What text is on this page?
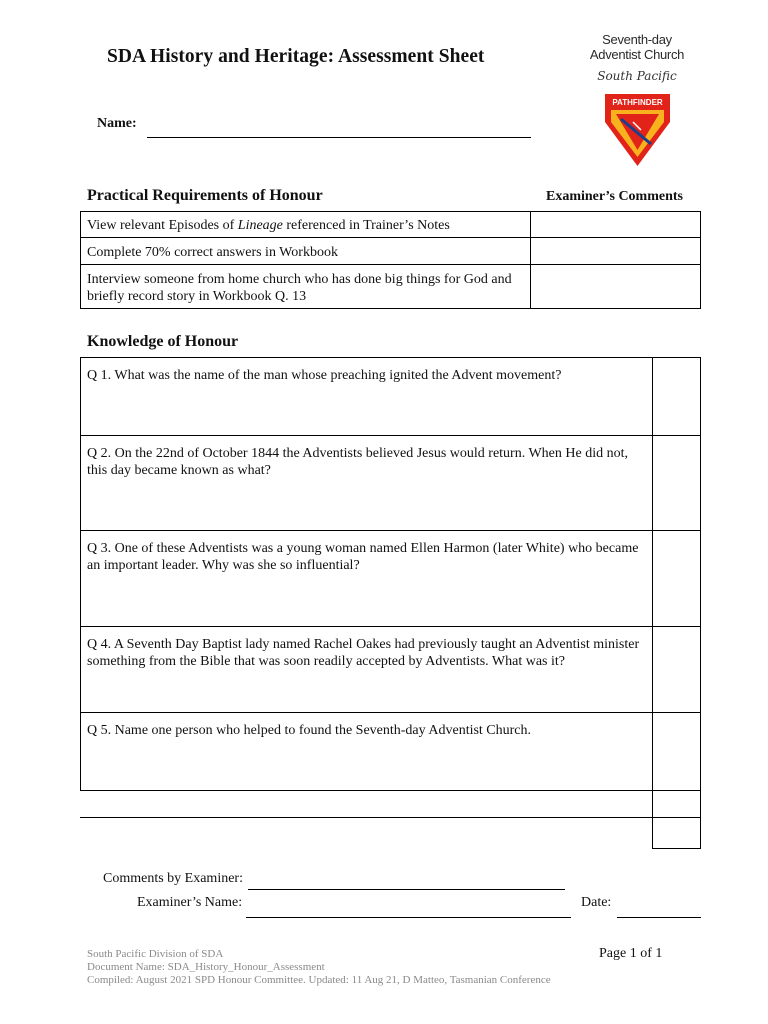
SDA History and Heritage: Assessment Sheet
Name:
Seventh-day
Adventist Church
South Pacific
PATHFINDER
Practical Requirements of Honour	Examiner’s Comments
View relevant Episodes of Lineage referenced in Trainer’s Notes	
Complete 70% correct answers in Workbook	
Interview someone from home church who has done big things for God and briefly record story in Workbook Q. 13	
Knowledge of Honour
Q 1. What was the name of the man whose preaching ignited the Advent movement?	
Q 2. On the 22nd of October 1844 the Adventists believed Jesus would return. When He did not, this day became known as what?	
Q 3. One of these Adventists was a young woman named Ellen Harmon (later White) who became an important leader. Why was she so influential?	
Q 4. A Seventh Day Baptist lady named Rachel Oakes had previously taught an Adventist minister something from the Bible that was soon readily accepted by Adventists. What was it?	
Q 5. Name one person who helped to found the Seventh-day Adventist Church.	
Comments by Examiner:
Examiner’s Name:	Date:
South Pacific Division of SDA
Document Name: SDA_History_Honour_Assessment
Compiled: August 2021 SPD Honour Committee. Updated: 11 Aug 21, D Matteo, Tasmanian Conference
Page 1 of 1
